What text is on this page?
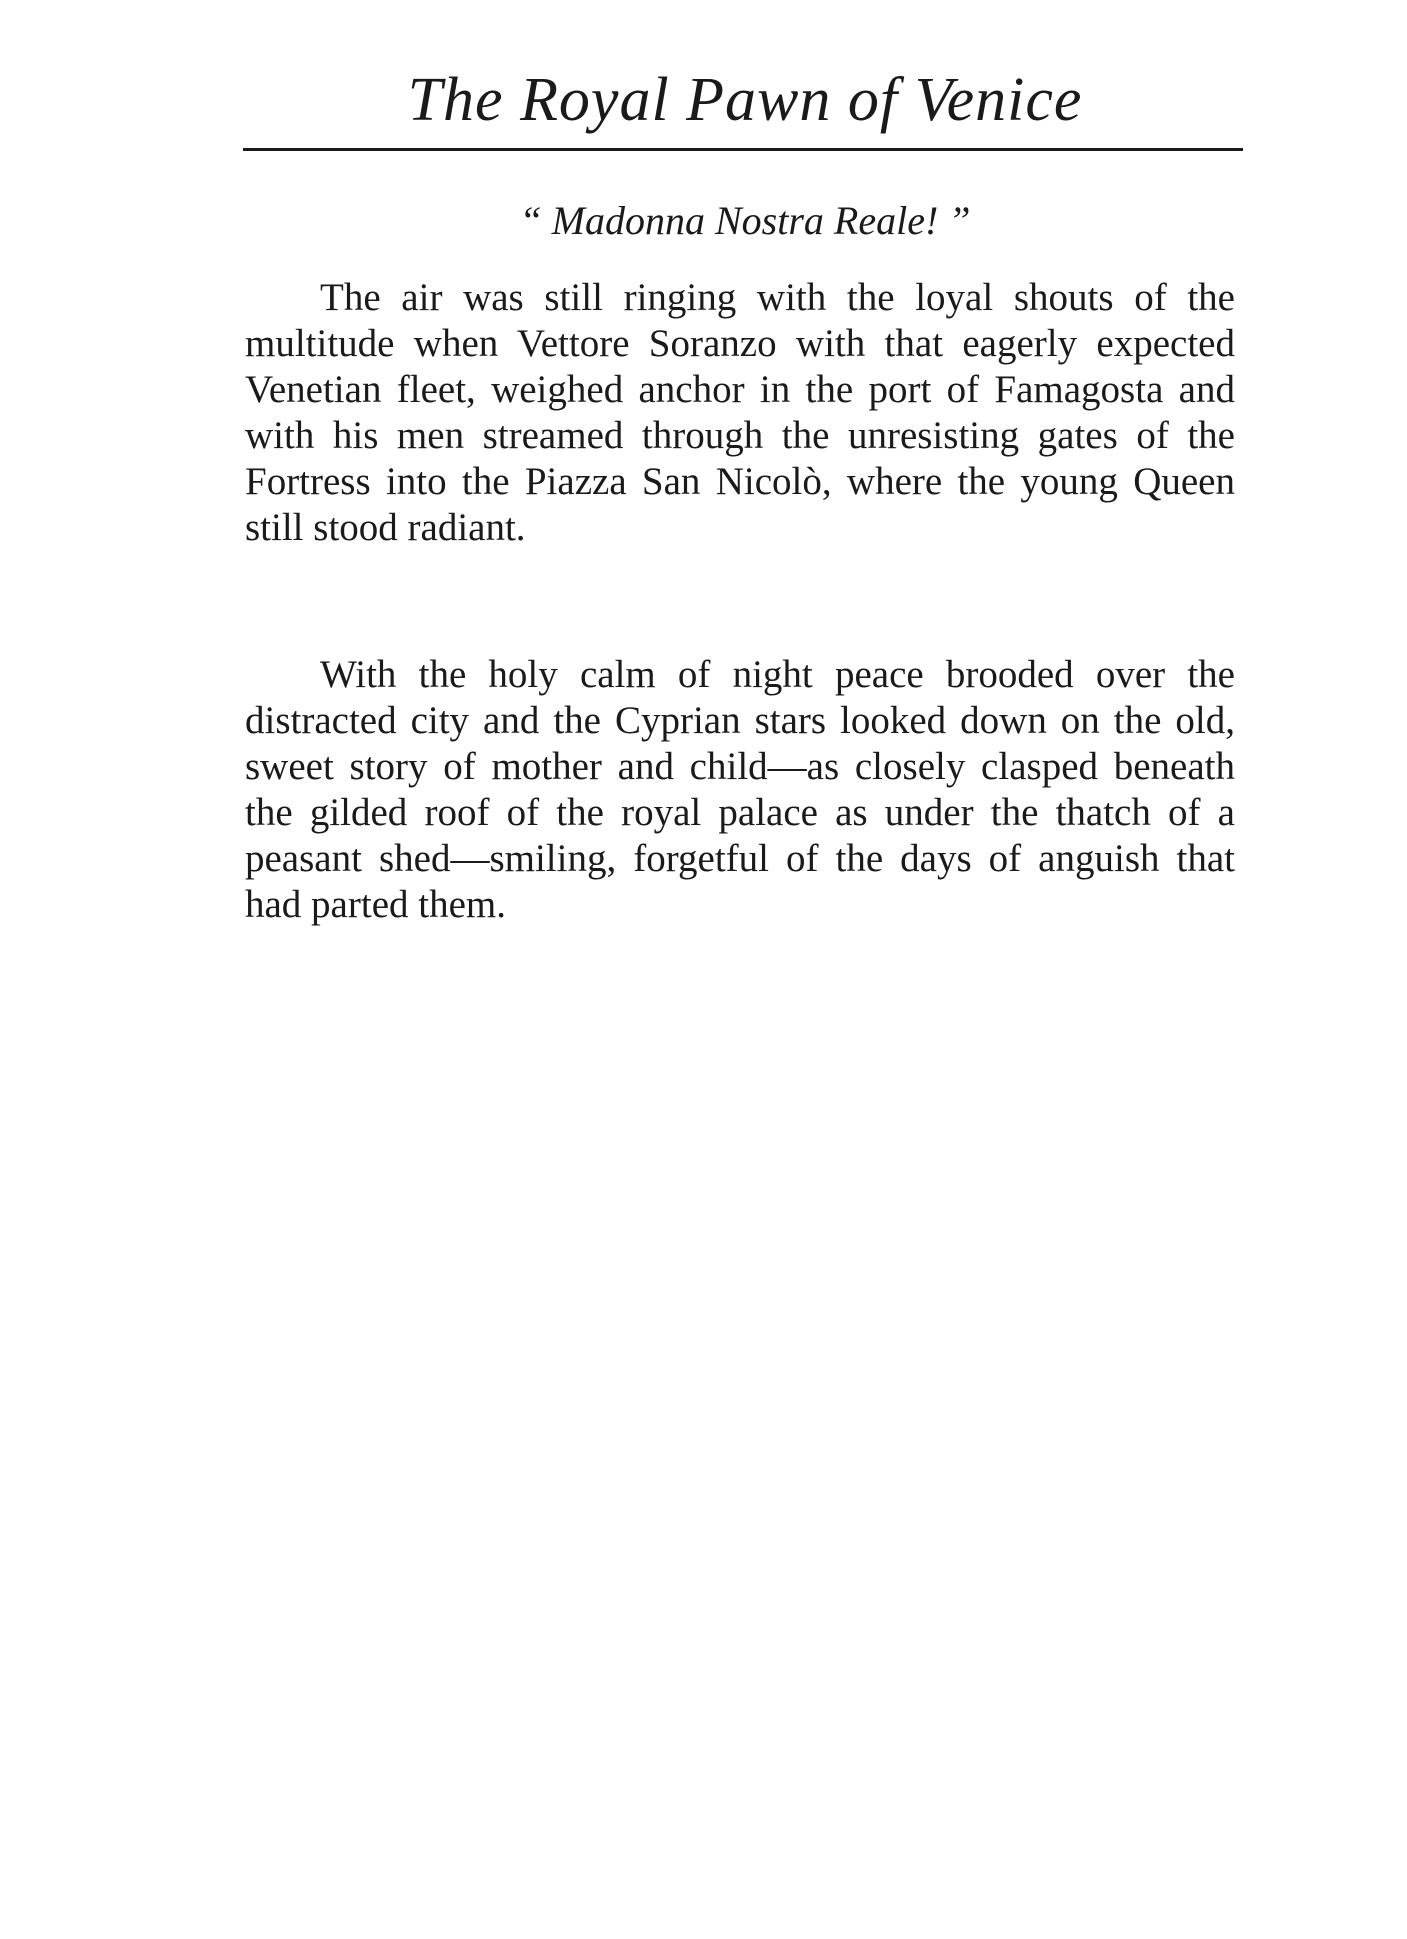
The Royal Pawn of Venice
“ Madonna Nostra Reale! ”

The air was still ringing with the loyal shouts of the multitude when Vettore Soranzo with that eagerly expected Venetian fleet, weighed anchor in the port of Famagosta and with his men streamed through the unresisting gates of the Fortress into the Piazza San Nicolò, where the young Queen still stood radiant.

With the holy calm of night peace brooded over the distracted city and the Cyprian stars looked down on the old, sweet story of mother and child—as closely clasped beneath the gilded roof of the royal palace as under the thatch of a peasant shed—smiling, forgetful of the days of anguish that had parted them.
